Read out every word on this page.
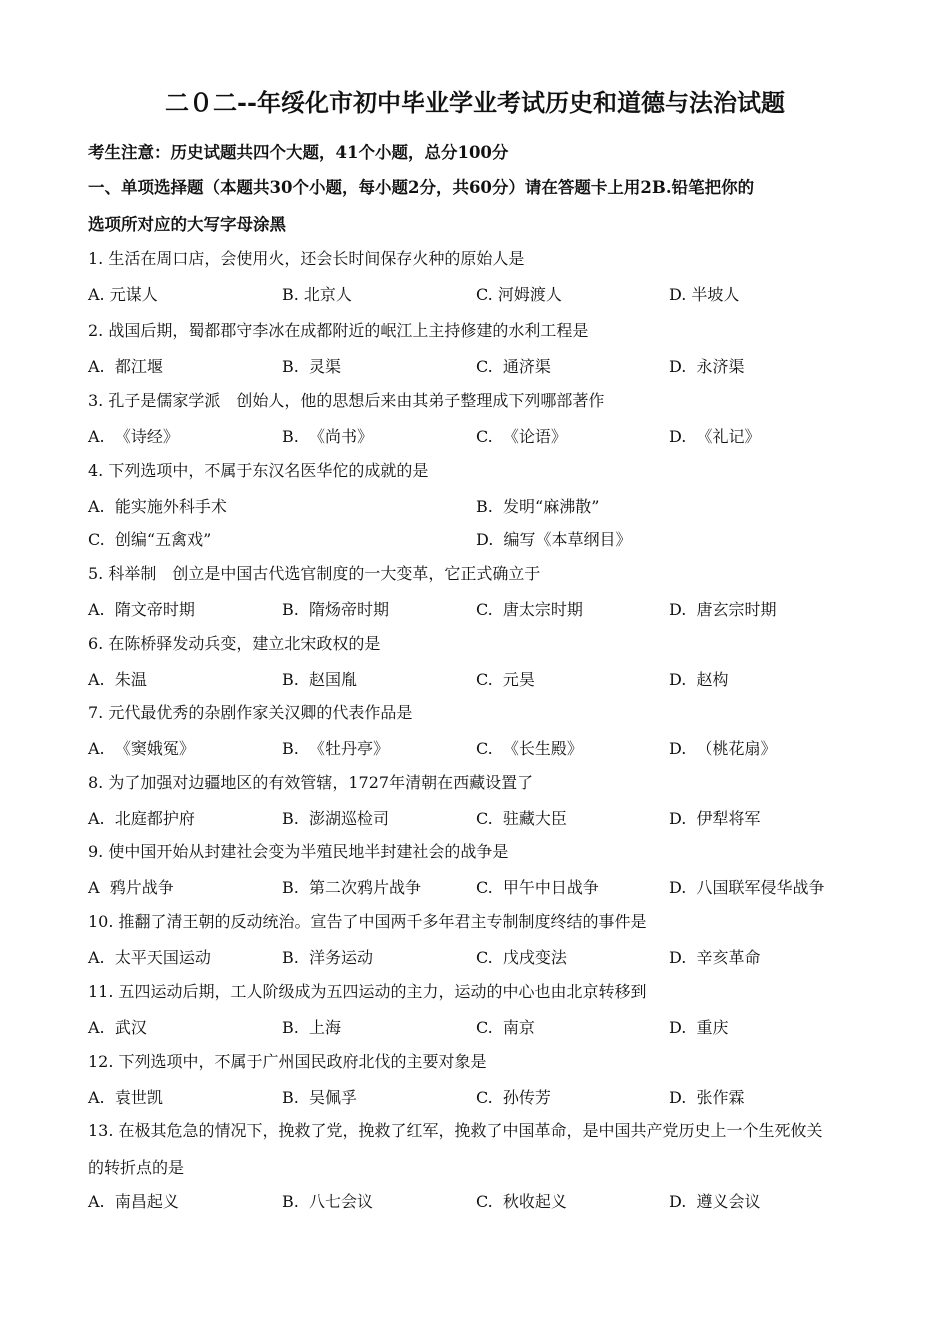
二０二--年绥化市初中毕业学业考试历史和道德与法治试题
考生注意：历史试题共四个大题，41个小题，总分100分
一、单项选择题（本题共30个小题，每小题2分，共60分）请在答题卡上用2B.铅笔把你的
选项所对应的大写字母涂黑
1. 生活在周口店，会使用火，还会长时间保存火种的原始人是
A. 元谋人	B. 北京人	C. 河姆渡人	D. 半坡人
2. 战国后期，蜀都郡守李冰在成都附近的岷江上主持修建的水利工程是
A.  都江堰	B.  灵渠	C.  通济渠	D.  永济渠
3. 孔子是儒家学派　创始人，他的思想后来由其弟子整理成下列哪部著作
A.  《诗经》	B.  《尚书》	C.  《论语》	D.  《礼记》
4. 下列选项中，不属于东汉名医华佗的成就的是
A.  能实施外科手术	B.  发明“麻沸散”
C.  创编“五禽戏”	D.  编写《本草纲目》
5. 科举制　创立是中国古代选官制度的一大变革，它正式确立于
A.  隋文帝时期	B.  隋炀帝时期	C.  唐太宗时期	D.  唐玄宗时期
6. 在陈桥驿发动兵变，建立北宋政权的是
A.  朱温	B.  赵国胤	C.  元昊	D.  赵构
7. 元代最优秀的杂剧作家关汉卿的代表作品是
A.  《窦娥冤》	B.  《牡丹亭》	C.  《长生殿》	D.  （桃花扇》
8. 为了加强对边疆地区的有效管辖，1727年清朝在西藏设置了
A.  北庭都护府	B.  澎湖巡检司	C.  驻藏大臣	D.  伊犁将军
9. 使中国开始从封建社会变为半殖民地半封建社会的战争是
A  鸦片战争	B.  第二次鸦片战争	C.  甲午中日战争	D.  八国联军侵华战争
10. 推翻了清王朝的反动统治。宣告了中国两千多年君主专制制度终结的事件是
A.  太平天国运动	B.  洋务运动	C.  戊戌变法	D.  辛亥革命
11. 五四运动后期，工人阶级成为五四运动的主力，运动的中心也由北京转移到
A.  武汉	B.  上海	C.  南京	D.  重庆
12. 下列选项中，不属于广州国民政府北伐的主要对象是
A.  袁世凯	B.  吴佩孚	C.  孙传芳	D.  张作霖
13. 在极其危急的情况下，挽救了党，挽救了红军，挽救了中国革命，是中国共产党历史上一个生死攸关
的转折点的是
A.  南昌起义	B.  八七会议	C.  秋收起义	D.  遵义会议
